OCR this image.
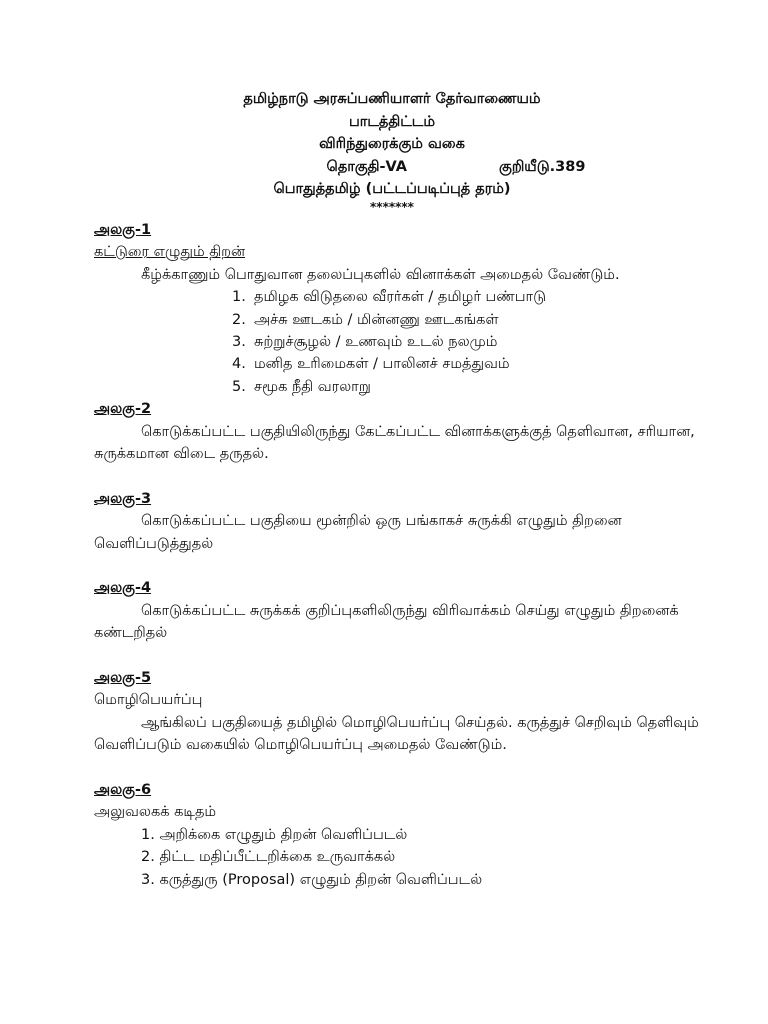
தமிழ்நாடு அரசுப்பணியாளர் தேர்வாணையம்
பாடத்திட்டம்
விரிந்துரைக்கும் வகை
தொகுதி-VA	குறியீடு.389
பொதுத்தமிழ் (பட்டப்படிப்புத் தரம்)
*******
அலகு-1
கட்டுரை எழுதும் திறன்

கீழ்க்காணும் பொதுவான தலைப்புகளில் வினாக்கள் அமைதல் வேண்டும்.

1. தமிழக விடுதலை வீரர்கள் / தமிழர் பண்பாடு
2. அச்சு ஊடகம் / மின்னணு ஊடகங்கள்
3. சுற்றுச்சூழல் / உணவும் உடல் நலமும்
4. மனித உரிமைகள் / பாலினச் சமத்துவம்
5. சமூக நீதி வரலாறு
அலகு-2

கொடுக்கப்பட்ட பகுதியிலிருந்து கேட்கப்பட்ட வினாக்களுக்குத் தெளிவான, சரியான, சுருக்கமான விடை தருதல்.

அலகு-3

கொடுக்கப்பட்ட பகுதியை மூன்றில் ஒரு பங்காகச் சுருக்கி எழுதும் திறனை வெளிப்படுத்துதல்

அலகு-4

கொடுக்கப்பட்ட சுருக்கக் குறிப்புகளிலிருந்து விரிவாக்கம் செய்து எழுதும் திறனைக் கண்டறிதல்

அலகு-5
மொழிபெயர்ப்பு

ஆங்கிலப் பகுதியைத் தமிழில் மொழிபெயர்ப்பு செய்தல். கருத்துச் செறிவும் தெளிவும் வெளிப்படும் வகையில் மொழிபெயர்ப்பு அமைதல் வேண்டும்.

அலகு-6
அலுவலகக் கடிதம்
1. அறிக்கை எழுதும் திறன் வெளிப்படல்
2. திட்ட மதிப்பீட்டறிக்கை உருவாக்கல்
3. கருத்துரு (Proposal) எழுதும் திறன் வெளிப்படல்
